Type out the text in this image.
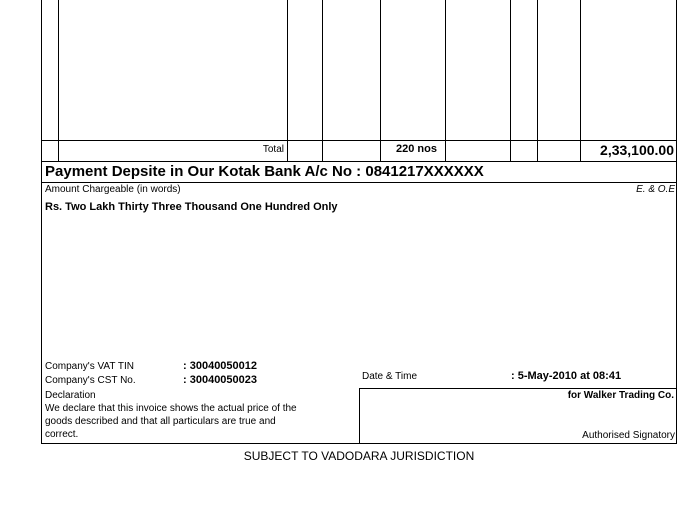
Total	220 nos	2,33,100.00
Payment Depsite in Our Kotak Bank A/c No : 0841217XXXXXX
Amount Chargeable (in words)	E. & O.E
Rs. Two Lakh Thirty Three Thousand One Hundred Only
Company's VAT TIN	: 30040050012
Company's CST No.	: 30040050023	Date & Time	: 5-May-2010 at 08:41
Declaration
We declare that this invoice shows the actual price of the
goods described and that all particulars are true and
correct.
for Walker Trading Co.
Authorised Signatory
SUBJECT TO VADODARA JURISDICTION
